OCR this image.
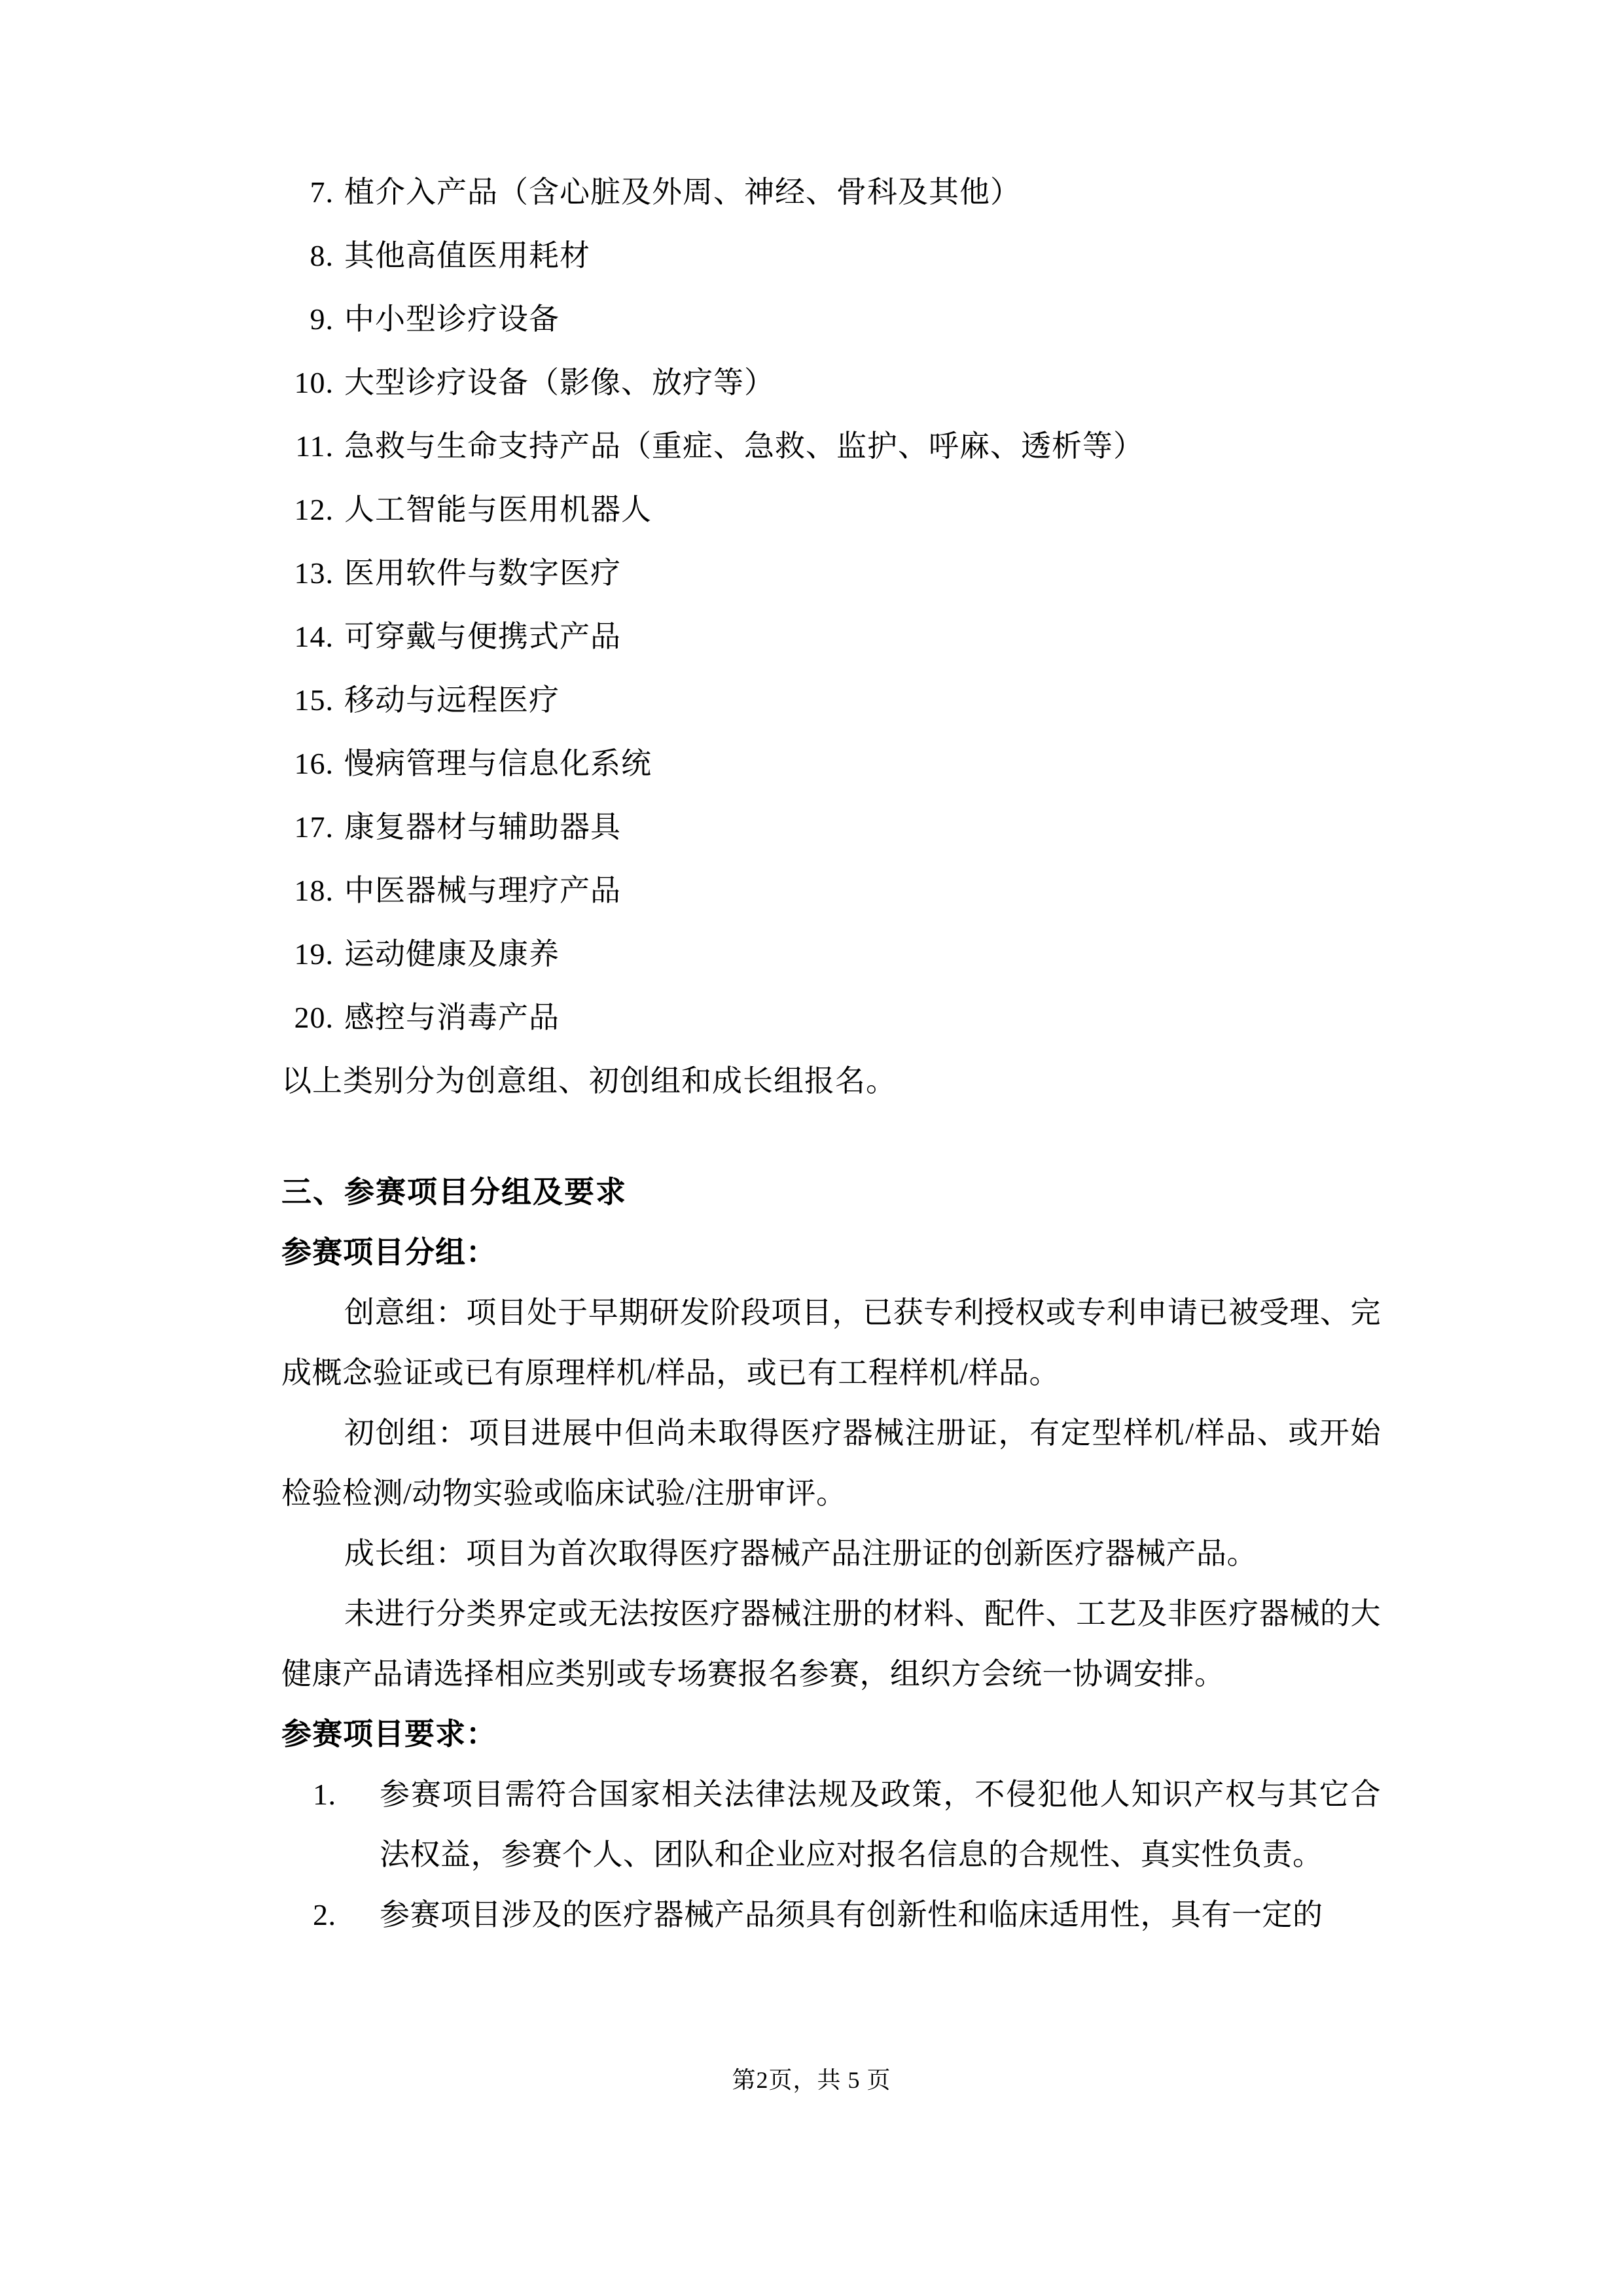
7. 植介入产品（含心脏及外周、神经、骨科及其他）
8. 其他高值医用耗材
9. 中小型诊疗设备
10. 大型诊疗设备（影像、放疗等）
11. 急救与生命支持产品（重症、急救、监护、呼麻、透析等）
12. 人工智能与医用机器人
13. 医用软件与数字医疗
14. 可穿戴与便携式产品
15. 移动与远程医疗
16. 慢病管理与信息化系统
17. 康复器材与辅助器具
18. 中医器械与理疗产品
19. 运动健康及康养
20. 感控与消毒产品
以上类别分为创意组、初创组和成长组报名。
三、参赛项目分组及要求
参赛项目分组：
创意组：项目处于早期研发阶段项目，已获专利授权或专利申请已被受理、完成概念验证或已有原理样机/样品，或已有工程样机/样品。
初创组：项目进展中但尚未取得医疗器械注册证，有定型样机/样品、或开始检验检测/动物实验或临床试验/注册审评。
成长组：项目为首次取得医疗器械产品注册证的创新医疗器械产品。
未进行分类界定或无法按医疗器械注册的材料、配件、工艺及非医疗器械的大健康产品请选择相应类别或专场赛报名参赛，组织方会统一协调安排。
参赛项目要求：
1.	参赛项目需符合国家相关法律法规及政策，不侵犯他人知识产权与其它合法权益，参赛个人、团队和企业应对报名信息的合规性、真实性负责。
2.	参赛项目涉及的医疗器械产品须具有创新性和临床适用性，具有一定的
第2页，共 5 页
